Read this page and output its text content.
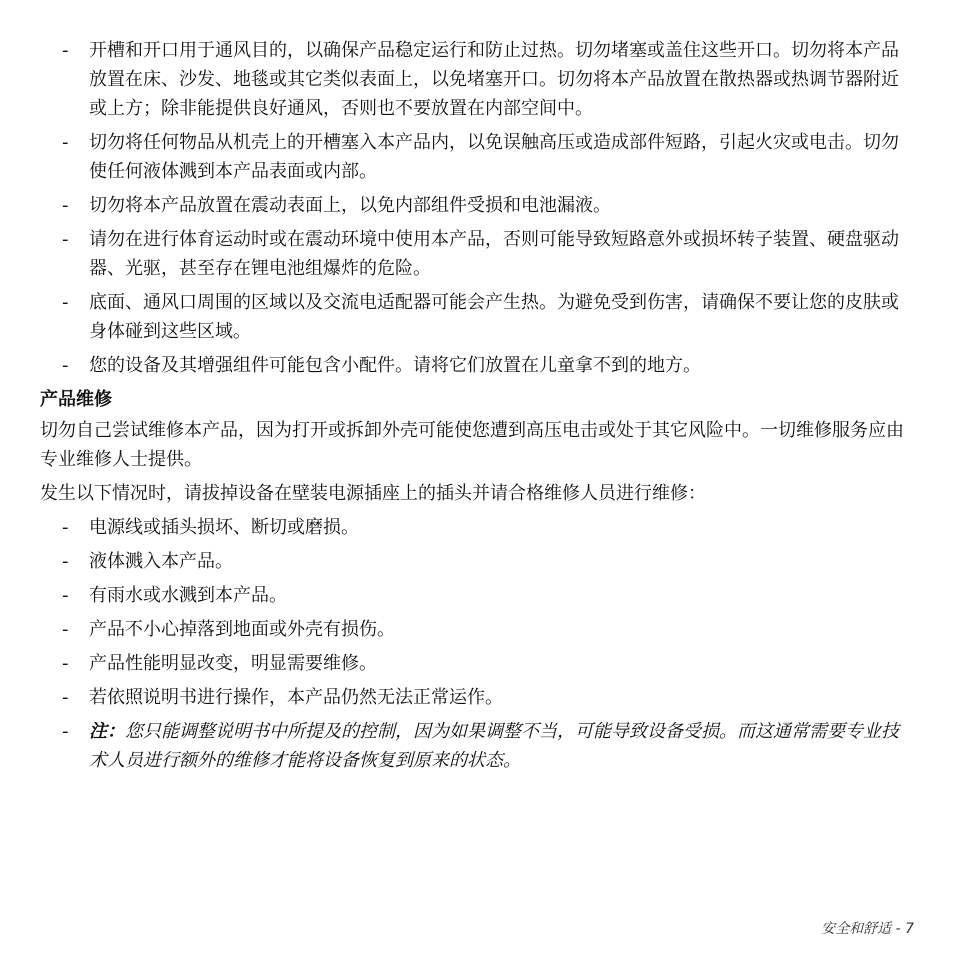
- 开槽和开口用于通风目的，以确保产品稳定运行和防止过热。切勿堵塞或盖住这些开口。切勿将本产品放置在床、沙发、地毯或其它类似表面上，以免堵塞开口。切勿将本产品放置在散热器或热调节器附近或上方；除非能提供良好通风，否则也不要放置在内部空间中。
- 切勿将任何物品从机壳上的开槽塞入本产品内，以免误触高压或造成部件短路，引起火灾或电击。切勿使任何液体溅到本产品表面或内部。
- 切勿将本产品放置在震动表面上，以免内部组件受损和电池漏液。
- 请勿在进行体育运动时或在震动环境中使用本产品，否则可能导致短路意外或损坏转子装置、硬盘驱动器、光驱，甚至存在锂电池组爆炸的危险。
- 底面、通风口周围的区域以及交流电适配器可能会产生热。为避免受到伤害，请确保不要让您的皮肤或身体碰到这些区域。
- 您的设备及其增强组件可能包含小配件。请将它们放置在儿童拿不到的地方。
产品维修

切勿自己尝试维修本产品，因为打开或拆卸外壳可能使您遭到高压电击或处于其它风险中。一切维修服务应由专业维修人士提供。

发生以下情况时，请拔掉设备在壁装电源插座上的插头并请合格维修人员进行维修：

- 电源线或插头损坏、断切或磨损。
- 液体溅入本产品。
- 有雨水或水溅到本产品。
- 产品不小心掉落到地面或外壳有损伤。
- 产品性能明显改变，明显需要维修。
- 若依照说明书进行操作，本产品仍然无法正常运作。
- 注：您只能调整说明书中所提及的控制，因为如果调整不当，可能导致设备受损。而这通常需要专业技术人员进行额外的维修才能将设备恢复到原来的状态。
安全和舒适 - 7
